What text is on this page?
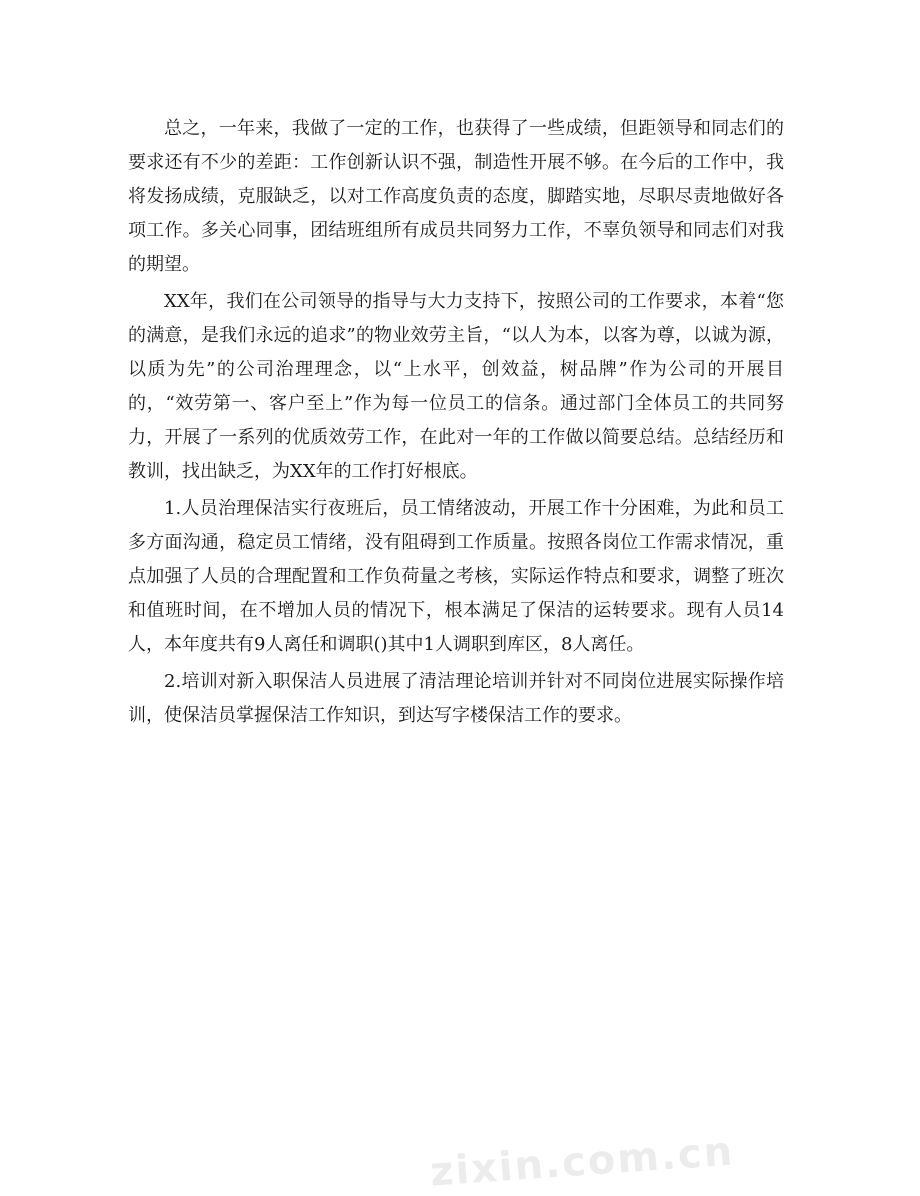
总之，一年来，我做了一定的工作，也获得了一些成绩，但距领导和同志们的要求还有不少的差距：工作创新认识不强，制造性开展不够。在今后的工作中，我将发扬成绩，克服缺乏，以对工作高度负责的态度，脚踏实地，尽职尽责地做好各项工作。多关心同事，团结班组所有成员共同努力工作，不辜负领导和同志们对我的期望。

XX年，我们在公司领导的指导与大力支持下，按照公司的工作要求，本着“您的满意，是我们永远的追求”的物业效劳主旨，“以人为本，以客为尊，以诚为源，以质为先”的公司治理理念，以“上水平，创效益，树品牌”作为公司的开展目的，“效劳第一、客户至上”作为每一位员工的信条。通过部门全体员工的共同努力，开展了一系列的优质效劳工作，在此对一年的工作做以简要总结。总结经历和教训，找出缺乏，为XX年的工作打好根底。

1.人员治理保洁实行夜班后，员工情绪波动，开展工作十分困难，为此和员工多方面沟通，稳定员工情绪，没有阻碍到工作质量。按照各岗位工作需求情况，重点加强了人员的合理配置和工作负荷量之考核，实际运作特点和要求，调整了班次和值班时间，在不增加人员的情况下，根本满足了保洁的运转要求。现有人员14人，本年度共有9人离任和调职()其中1人调职到库区，8人离任。

2.培训对新入职保洁人员进展了清洁理论培训并针对不同岗位进展实际操作培训，使保洁员掌握保洁工作知识，到达写字楼保洁工作的要求。

zixin.com.cn
